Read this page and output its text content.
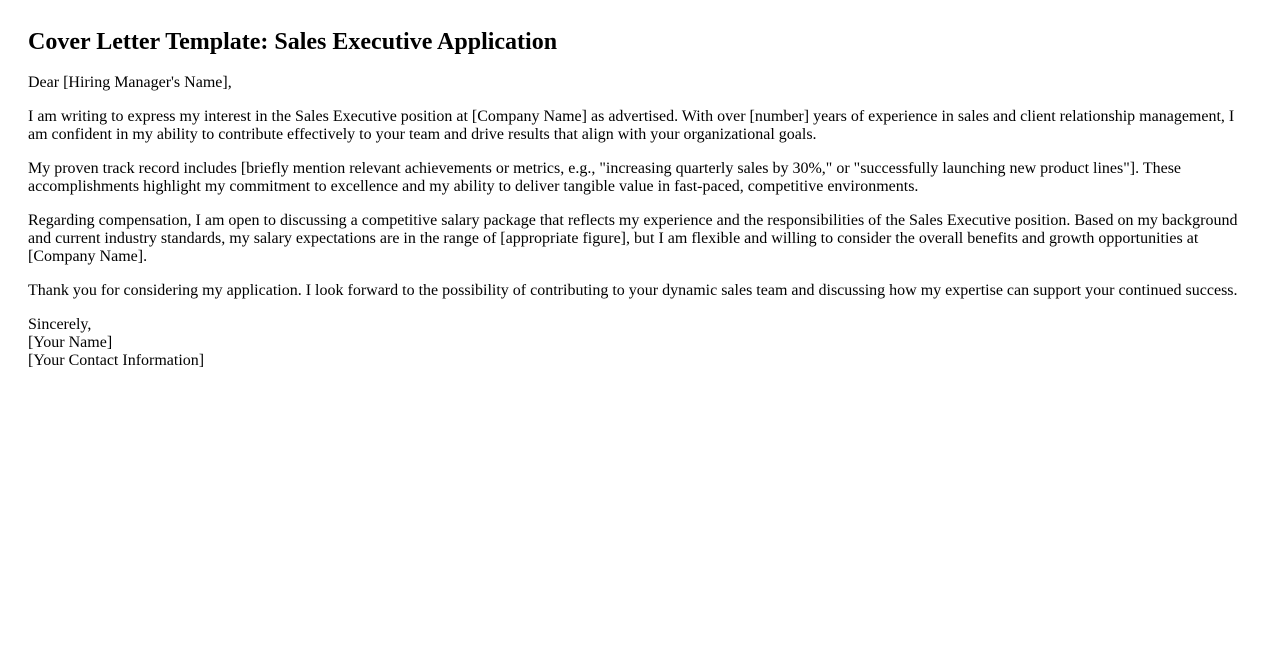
Cover Letter Template: Sales Executive Application

Dear [Hiring Manager's Name],

I am writing to express my interest in the Sales Executive position at [Company Name] as advertised. With over [number] years of experience in sales and client relationship management, I am confident in my ability to contribute effectively to your team and drive results that align with your organizational goals.

My proven track record includes [briefly mention relevant achievements or metrics, e.g., "increasing quarterly sales by 30%," or "successfully launching new product lines"]. These accomplishments highlight my commitment to excellence and my ability to deliver tangible value in fast-paced, competitive environments.

Regarding compensation, I am open to discussing a competitive salary package that reflects my experience and the responsibilities of the Sales Executive position. Based on my background and current industry standards, my salary expectations are in the range of [appropriate figure], but I am flexible and willing to consider the overall benefits and growth opportunities at [Company Name].

Thank you for considering my application. I look forward to the possibility of contributing to your dynamic sales team and discussing how my expertise can support your continued success.

Sincerely,
[Your Name]
[Your Contact Information]
